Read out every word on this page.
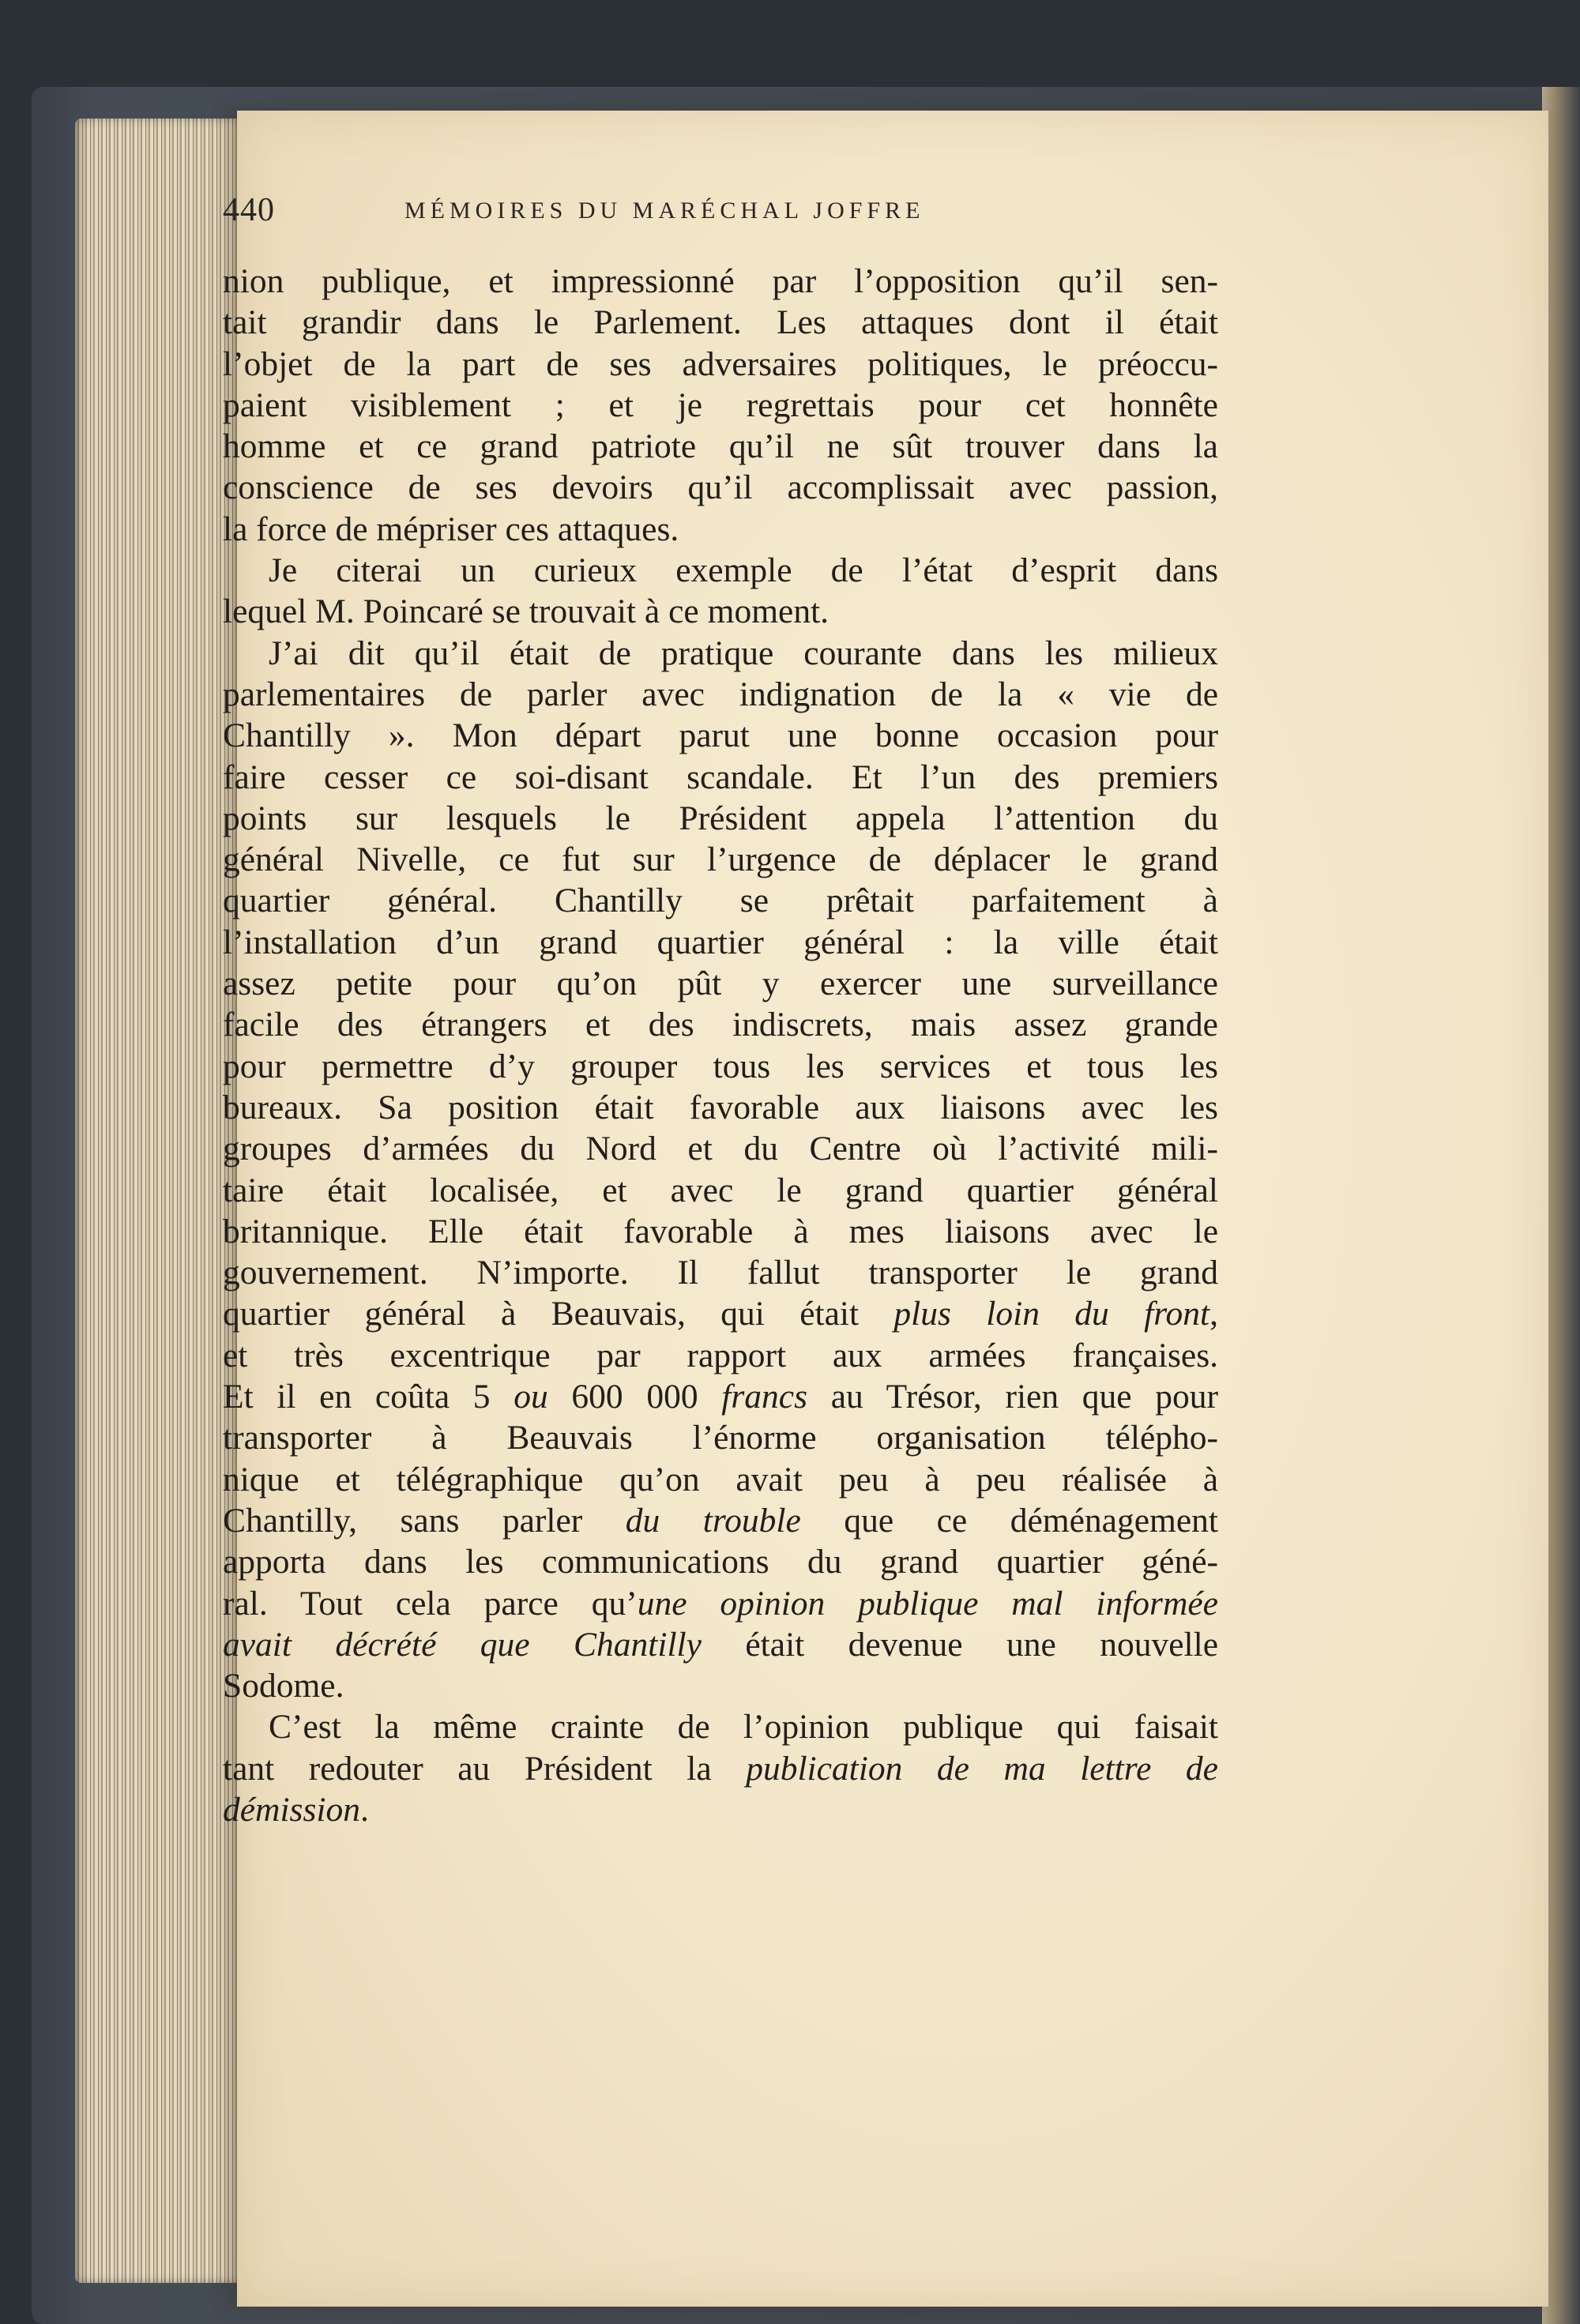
440	MÉMOIRES DU MARÉCHAL JOFFRE
nion publique, et impressionné par l’opposition qu’il sen-
tait grandir dans le Parlement. Les attaques dont il était
l’objet de la part de ses adversaires politiques, le préoccu-
paient visiblement ; et je regrettais pour cet honnête
homme et ce grand patriote qu’il ne sût trouver dans la
conscience de ses devoirs qu’il accomplissait avec passion,
la force de mépriser ces attaques.
Je citerai un curieux exemple de l’état d’esprit dans
lequel M. Poincaré se trouvait à ce moment.
J’ai dit qu’il était de pratique courante dans les milieux
parlementaires de parler avec indignation de la « vie de
Chantilly ». Mon départ parut une bonne occasion pour
faire cesser ce soi-disant scandale. Et l’un des premiers
points sur lesquels le Président appela l’attention du
général Nivelle, ce fut sur l’urgence de déplacer le grand
quartier général. Chantilly se prêtait parfaitement à
l’installation d’un grand quartier général : la ville était
assez petite pour qu’on pût y exercer une surveillance
facile des étrangers et des indiscrets, mais assez grande
pour permettre d’y grouper tous les services et tous les
bureaux. Sa position était favorable aux liaisons avec les
groupes d’armées du Nord et du Centre où l’activité mili-
taire était localisée, et avec le grand quartier général
britannique. Elle était favorable à mes liaisons avec le
gouvernement. N’importe. Il fallut transporter le grand
quartier général à Beauvais, qui était plus loin du front,
et très excentrique par rapport aux armées françaises.
Et il en coûta 5 ou 600 000 francs au Trésor, rien que pour
transporter à Beauvais l’énorme organisation télépho-
nique et télégraphique qu’on avait peu à peu réalisée à
Chantilly, sans parler du trouble que ce déménagement
apporta dans les communications du grand quartier géné-
ral. Tout cela parce qu’une opinion publique mal informée
avait décrété que Chantilly était devenue une nouvelle
Sodome.
C’est la même crainte de l’opinion publique qui faisait
tant redouter au Président la publication de ma lettre de
démission.
